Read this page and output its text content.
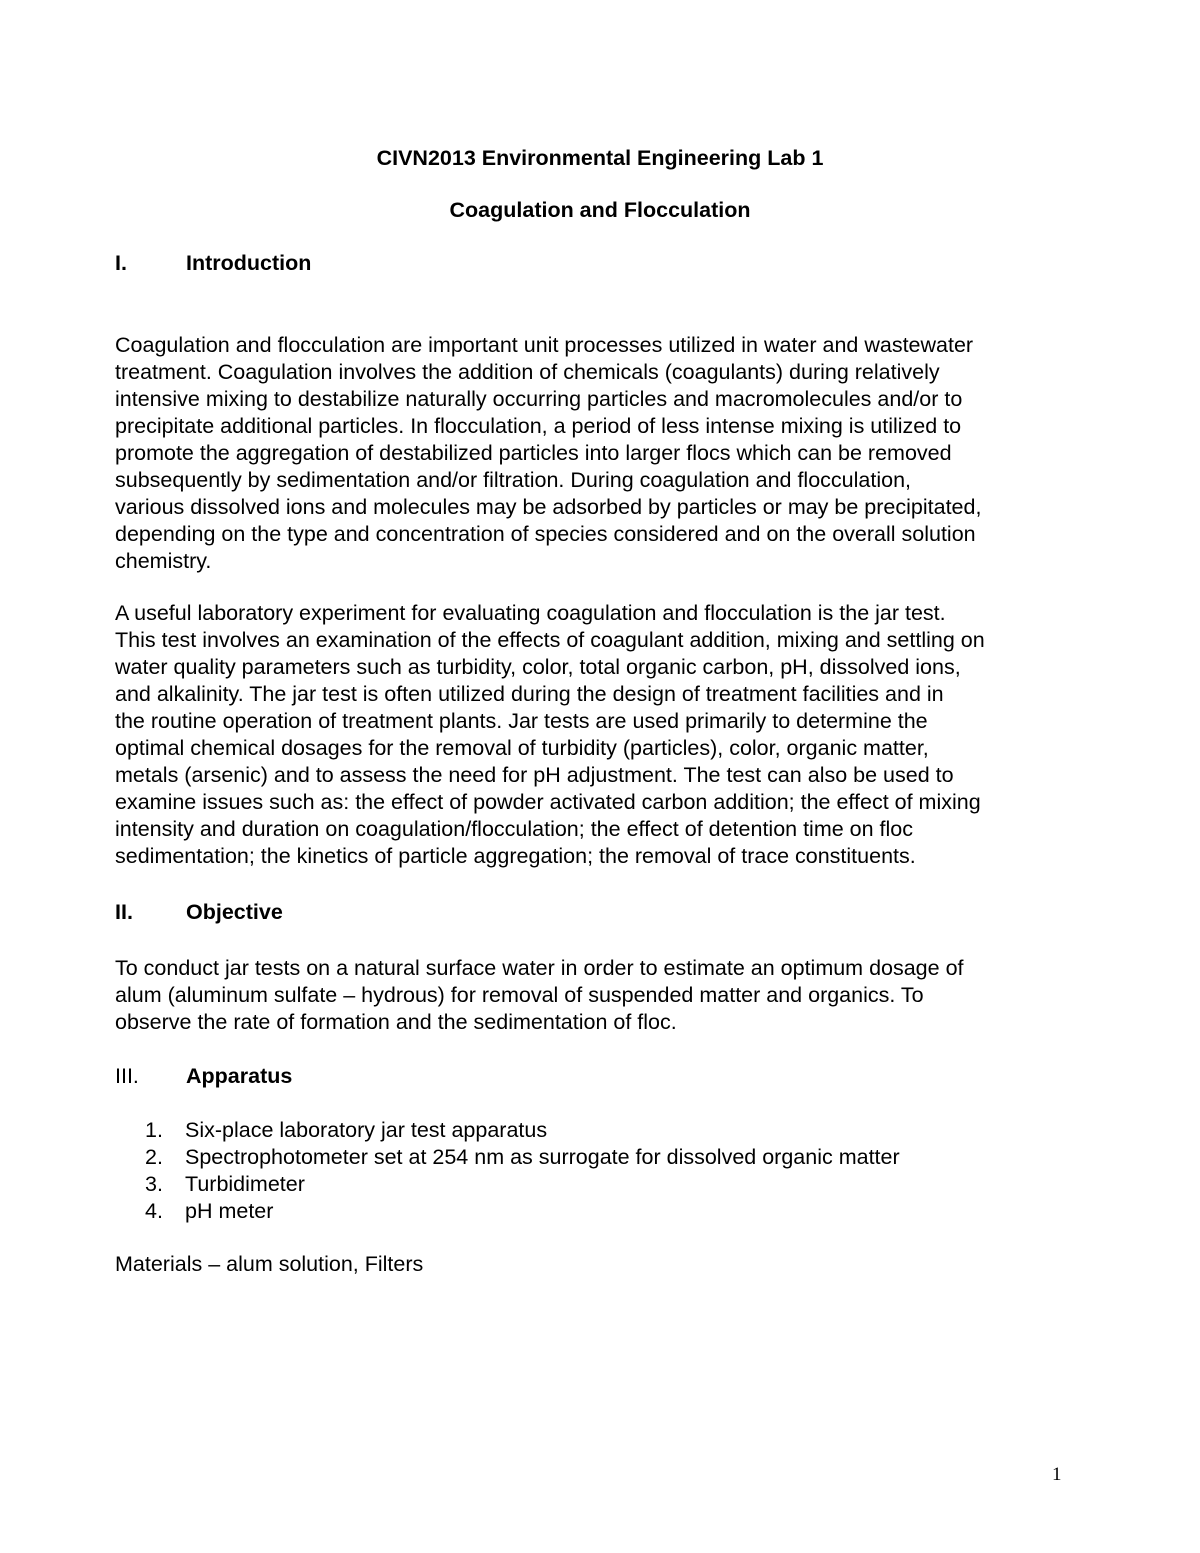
CIVN2013 Environmental Engineering Lab 1
Coagulation and Flocculation
I.	Introduction

Coagulation and flocculation are important unit processes utilized in water and wastewater
treatment. Coagulation involves the addition of chemicals (coagulants) during relatively
intensive mixing to destabilize naturally occurring particles and macromolecules and/or to
precipitate additional particles. In flocculation, a period of less intense mixing is utilized to
promote the aggregation of destabilized particles into larger flocs which can be removed
subsequently by sedimentation and/or filtration. During coagulation and flocculation,
various dissolved ions and molecules may be adsorbed by particles or may be precipitated,
depending on the type and concentration of species considered and on the overall solution
chemistry.

A useful laboratory experiment for evaluating coagulation and flocculation is the jar test.
This test involves an examination of the effects of coagulant addition, mixing and settling on
water quality parameters such as turbidity, color, total organic carbon, pH, dissolved ions,
and alkalinity. The jar test is often utilized during the design of treatment facilities and in
the routine operation of treatment plants. Jar tests are used primarily to determine the
optimal chemical dosages for the removal of turbidity (particles), color, organic matter,
metals (arsenic) and to assess the need for pH adjustment. The test can also be used to
examine issues such as: the effect of powder activated carbon addition; the effect of mixing
intensity and duration on coagulation/flocculation; the effect of detention time on floc
sedimentation; the kinetics of particle aggregation; the removal of trace constituents.

II. Objective

To conduct jar tests on a natural surface water in order to estimate an optimum dosage of
alum (aluminum sulfate – hydrous) for removal of suspended matter and organics. To
observe the rate of formation and the sedimentation of floc.

III. Apparatus
1. Six-place laboratory jar test apparatus
2. Spectrophotometer set at 254 nm as surrogate for dissolved organic matter
3. Turbidimeter
4. pH meter

Materials – alum solution, Filters

1
